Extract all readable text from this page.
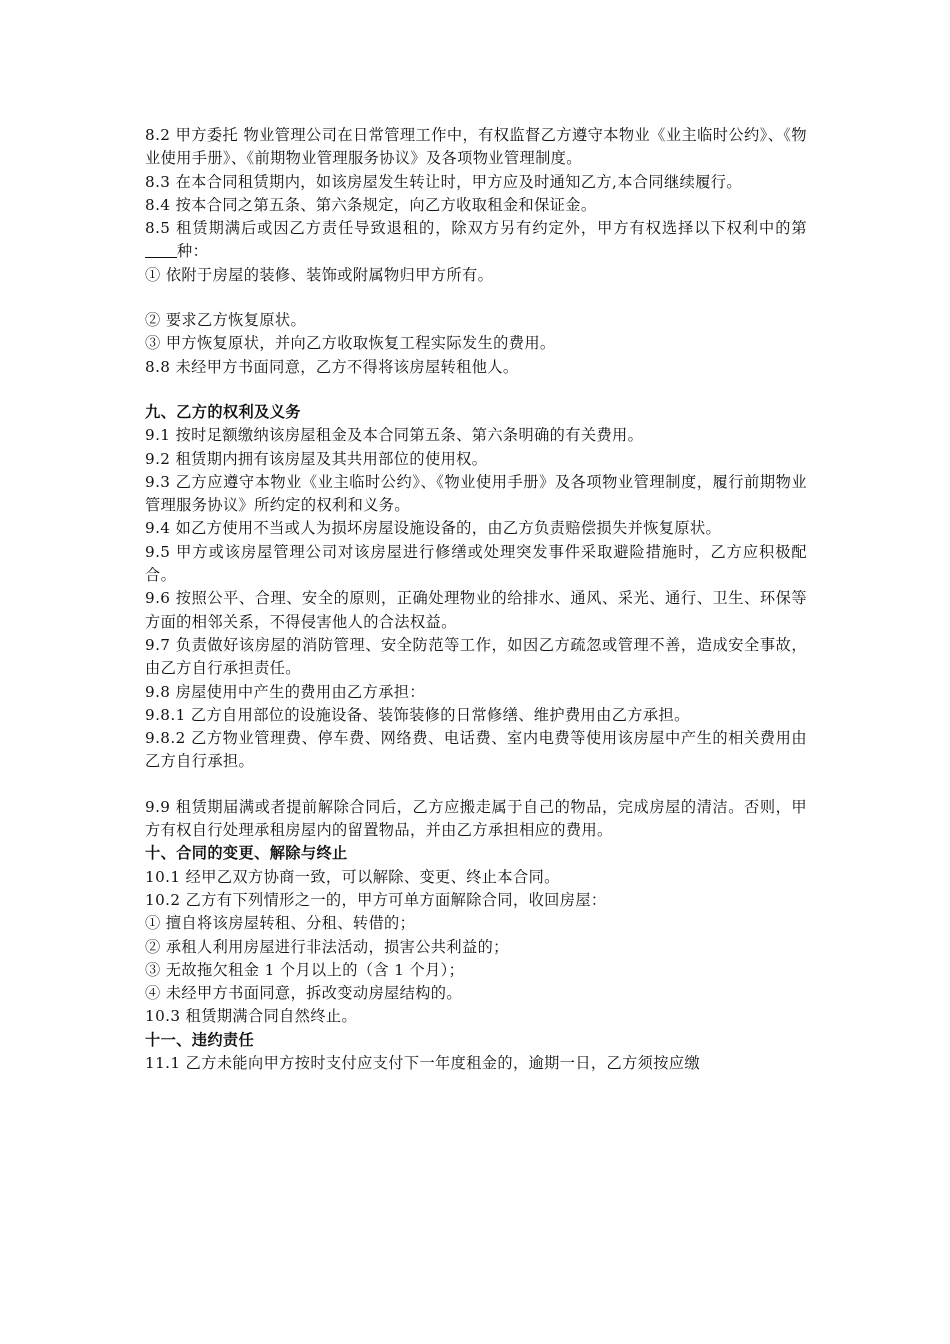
8.2 甲方委托 物业管理公司在日常管理工作中，有权监督乙方遵守本物业《业主临时公约》、《物业使用手册》、《前期物业管理服务协议》及各项物业管理制度。

8.3 在本合同租赁期内，如该房屋发生转让时，甲方应及时通知乙方,本合同继续履行。

8.4 按本合同之第五条、第六条规定，向乙方收取租金和保证金。

8.5 租赁期满后或因乙方责任导致退租的，除双方另有约定外，甲方有权选择以下权利中的第种：

① 依附于房屋的装修、装饰或附属物归甲方所有。

② 要求乙方恢复原状。

③ 甲方恢复原状，并向乙方收取恢复工程实际发生的费用。

8.8 未经甲方书面同意，乙方不得将该房屋转租他人。

九、乙方的权利及义务

9.1 按时足额缴纳该房屋租金及本合同第五条、第六条明确的有关费用。

9.2 租赁期内拥有该房屋及其共用部位的使用权。

9.3 乙方应遵守本物业《业主临时公约》、《物业使用手册》及各项物业管理制度，履行前期物业管理服务协议》所约定的权利和义务。

9.4 如乙方使用不当或人为损坏房屋设施设备的，由乙方负责赔偿损失并恢复原状。

9.5 甲方或该房屋管理公司对该房屋进行修缮或处理突发事件采取避险措施时，乙方应积极配合。

9.6 按照公平、合理、安全的原则，正确处理物业的给排水、通风、采光、通行、卫生、环保等方面的相邻关系，不得侵害他人的合法权益。

9.7 负责做好该房屋的消防管理、安全防范等工作，如因乙方疏忽或管理不善，造成安全事故，由乙方自行承担责任。

9.8 房屋使用中产生的费用由乙方承担：

9.8.1 乙方自用部位的设施设备、装饰装修的日常修缮、维护费用由乙方承担。

9.8.2 乙方物业管理费、停车费、网络费、电话费、室内电费等使用该房屋中产生的相关费用由乙方自行承担。

9.9 租赁期届满或者提前解除合同后，乙方应搬走属于自己的物品，完成房屋的清洁。否则，甲方有权自行处理承租房屋内的留置物品，并由乙方承担相应的费用。

十、合同的变更、解除与终止

10.1 经甲乙双方协商一致，可以解除、变更、终止本合同。

10.2 乙方有下列情形之一的，甲方可单方面解除合同，收回房屋：

① 擅自将该房屋转租、分租、转借的；

② 承租人利用房屋进行非法活动，损害公共利益的；

③ 无故拖欠租金 1 个月以上的（含 1 个月）；

④ 未经甲方书面同意，拆改变动房屋结构的。

10.3 租赁期满合同自然终止。

十一、违约责任

11.1 乙方未能向甲方按时支付应支付下一年度租金的，逾期一日，乙方须按应缴
